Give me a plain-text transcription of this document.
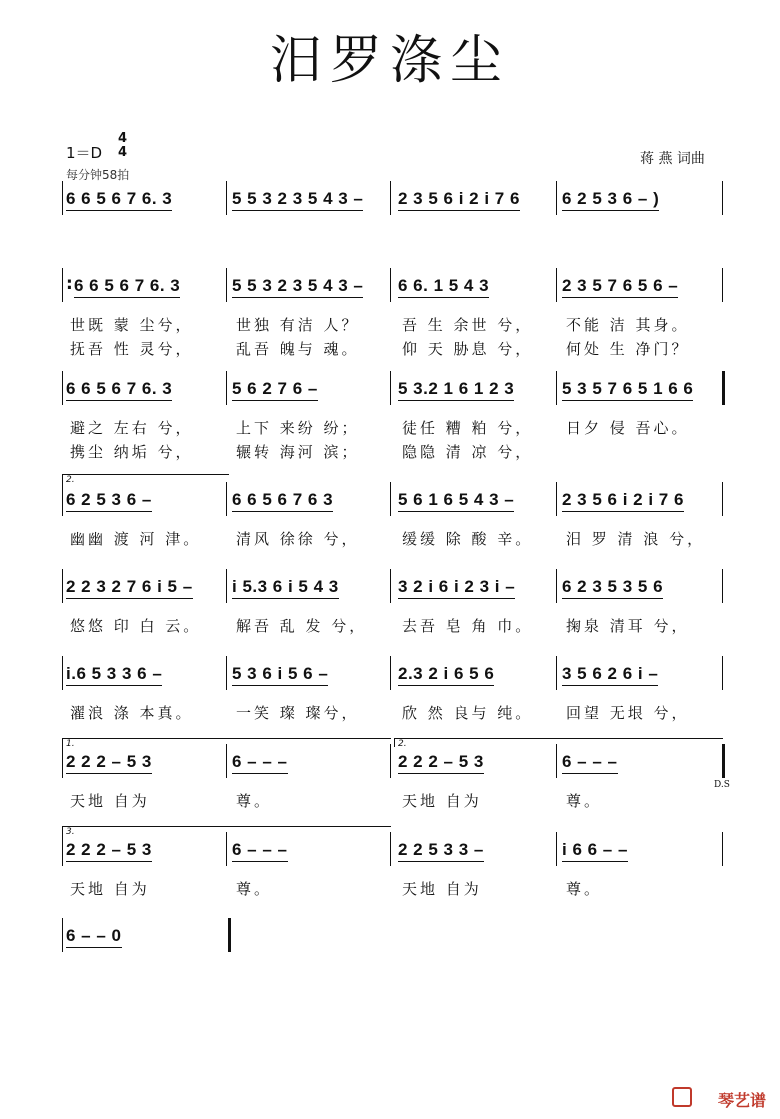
汨罗涤尘
1＝D
4
4
每分钟58拍
蒋 燕 词曲
6 6 5 6 7 6. 3	5 5 3 2 3 5 4 3 – 2 3 5 6 i 2 i 7 6 6 2 5 3 6 – )
: 6 6 5 6 7 6. 3	5 5 3 2 3 5 4 3 – 6 6. 1 5 4 3	2 3 5 7 6 5 6 –
世既 蒙 尘兮，	世独 有洁 人？	吾 生 余世 兮， 不能 洁 其身。
抚吾 性 灵兮，	乱吾 魄与 魂。	仰 天 胁息 兮， 何处 生 净门？
6 6 5 6 7 6. 3	5 6 2 7 6 –	5 3.2 1 6 1 2 3	5 3 5 7 6 5 1 6 6
避之 左右 兮，	上下 来纷 纷；	徒任 糟 粕 兮， 日夕 侵 吾心。
携尘 纳垢 兮，	辗转 海河 滨；	隐隐 清 凉 兮，
6 2 5 3 6 –	6 6 5 6 7 6 3	5 6 1 6 5 4 3 –	2 3 5 6 i 2 i 7 6
幽幽 渡 河 津。 清风 徐徐 兮，	缓缓 除 酸 辛。 汨 罗 清 浪 兮，
2 2 3 2 7 6 i 5 – i 5.3 6 i 5 4 3	3 2 i 6 i 2 3 i –	6 2 3 5 3 5 6
悠悠 印 白 云。 解吾 乱 发 兮， 去吾 皂 角 巾。 掬泉 清耳 兮，
i.6 5 3 3 6 –	5 3 6 i 5 6 –	2.3 2 i 6 5 6	3 5 6 2 6 i –
濯浪 涤 本真。	一笑 璨 璨兮，	欣 然 良与 纯。 回望 无垠 兮，
2 2 2 – 5 3	6 – – –	2 2 2 – 5 3	6 – – –
天地 自为	尊。	天地 自为	尊。
2 2 2 – 5 3	6 – – –	2 2 5 3 3 –	i 6 6 – –
天地 自为	尊。	天地 自为	尊。
6 – – 0
1.	2.
3.
2.
D.S
琴艺谱
